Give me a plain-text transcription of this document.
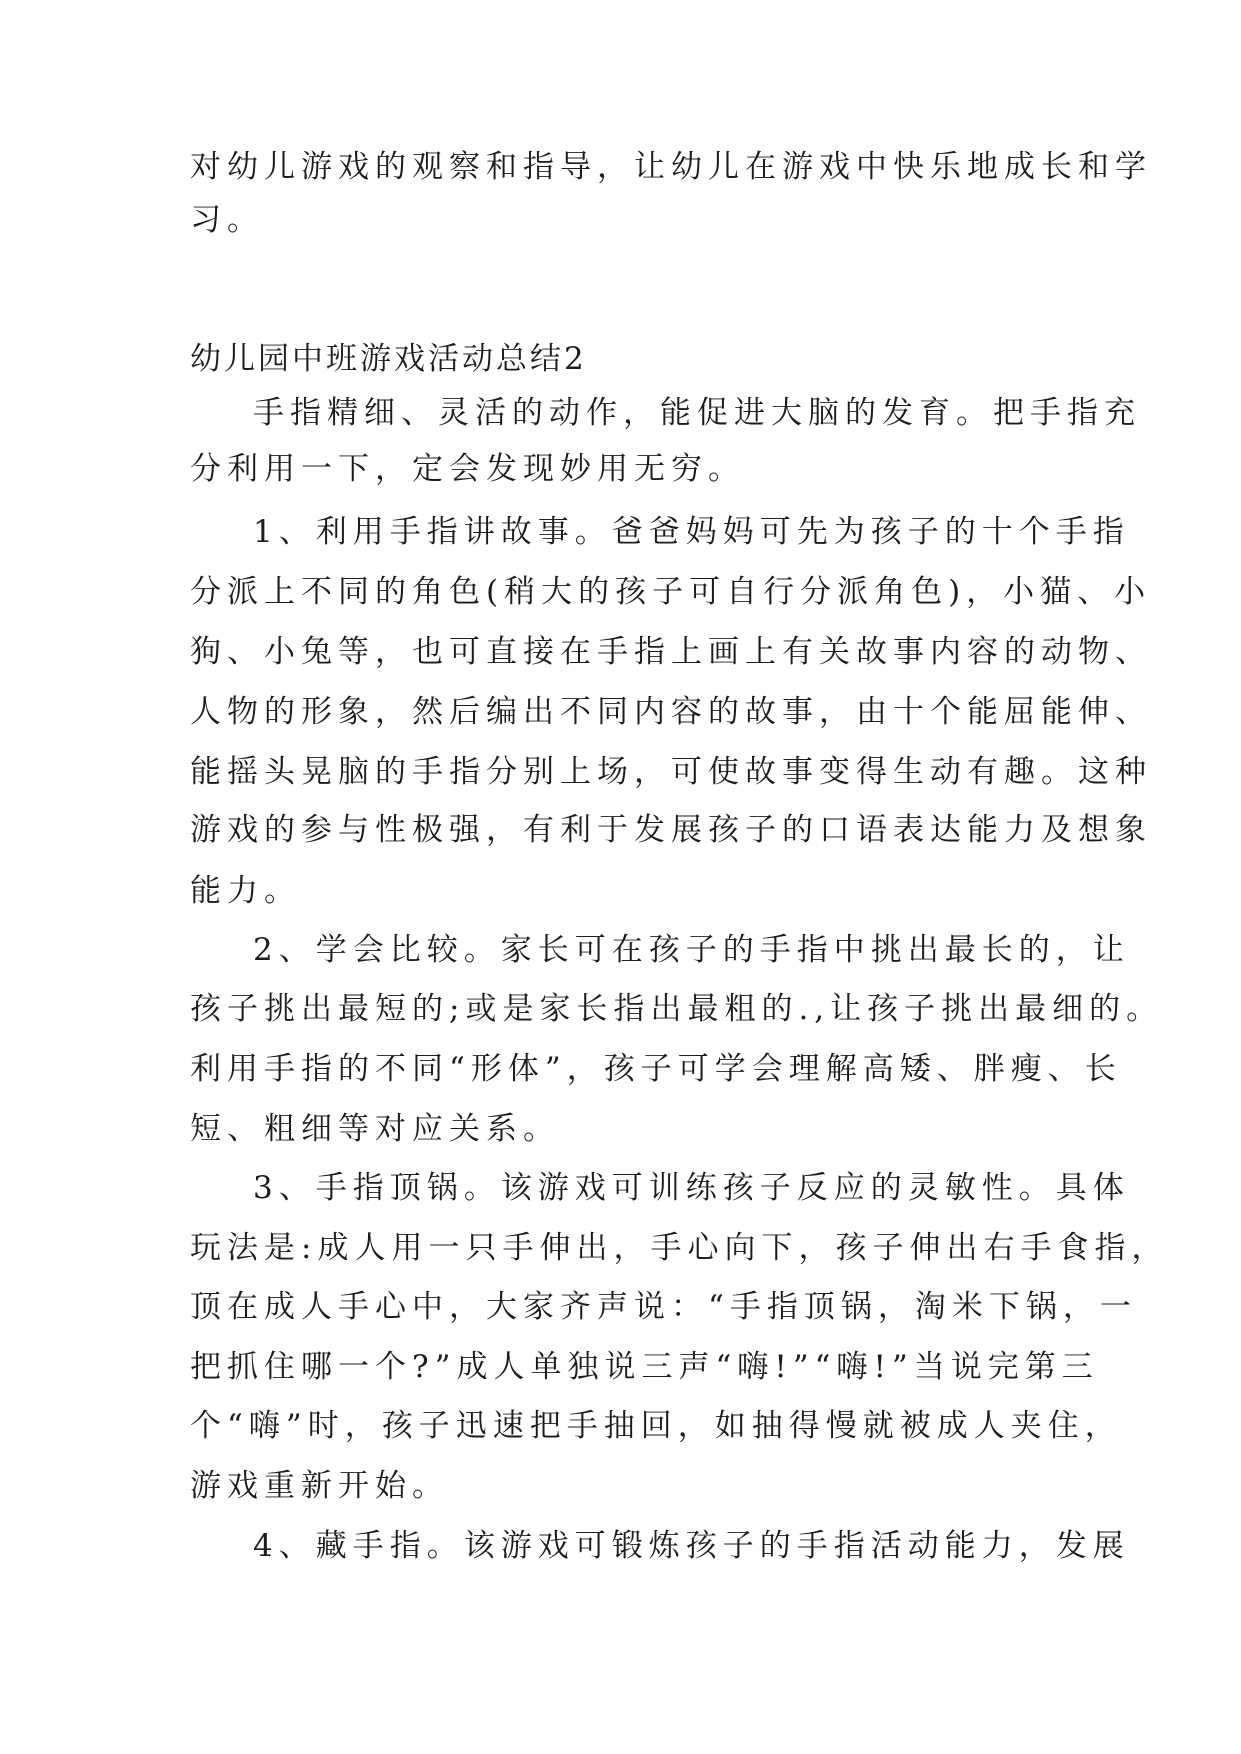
对幼儿游戏的观察和指导，让幼儿在游戏中快乐地成长和学

习。

幼儿园中班游戏活动总结2

手指精细、灵活的动作，能促进大脑的发育。把手指充

分利用一下，定会发现妙用无穷。

1、利用手指讲故事。爸爸妈妈可先为孩子的十个手指

分派上不同的角色(稍大的孩子可自行分派角色)，小猫、小

狗、小兔等，也可直接在手指上画上有关故事内容的动物、

人物的形象，然后编出不同内容的故事，由十个能屈能伸、

能摇头晃脑的手指分别上场，可使故事变得生动有趣。这种

游戏的参与性极强，有利于发展孩子的口语表达能力及想象

能力。

2、学会比较。家长可在孩子的手指中挑出最长的，让

孩子挑出最短的;或是家长指出最粗的.,让孩子挑出最细的。

利用手指的不同“形体”，孩子可学会理解高矮、胖瘦、长

短、粗细等对应关系。

3、手指顶锅。该游戏可训练孩子反应的灵敏性。具体

玩法是:成人用一只手伸出，手心向下，孩子伸出右手食指，

顶在成人手心中，大家齐声说：“手指顶锅，淘米下锅，一

把抓住哪一个?”成人单独说三声“嗨!”“嗨!”当说完第三

个“嗨”时，孩子迅速把手抽回，如抽得慢就被成人夹住，

游戏重新开始。

4、藏手指。该游戏可锻炼孩子的手指活动能力，发展
